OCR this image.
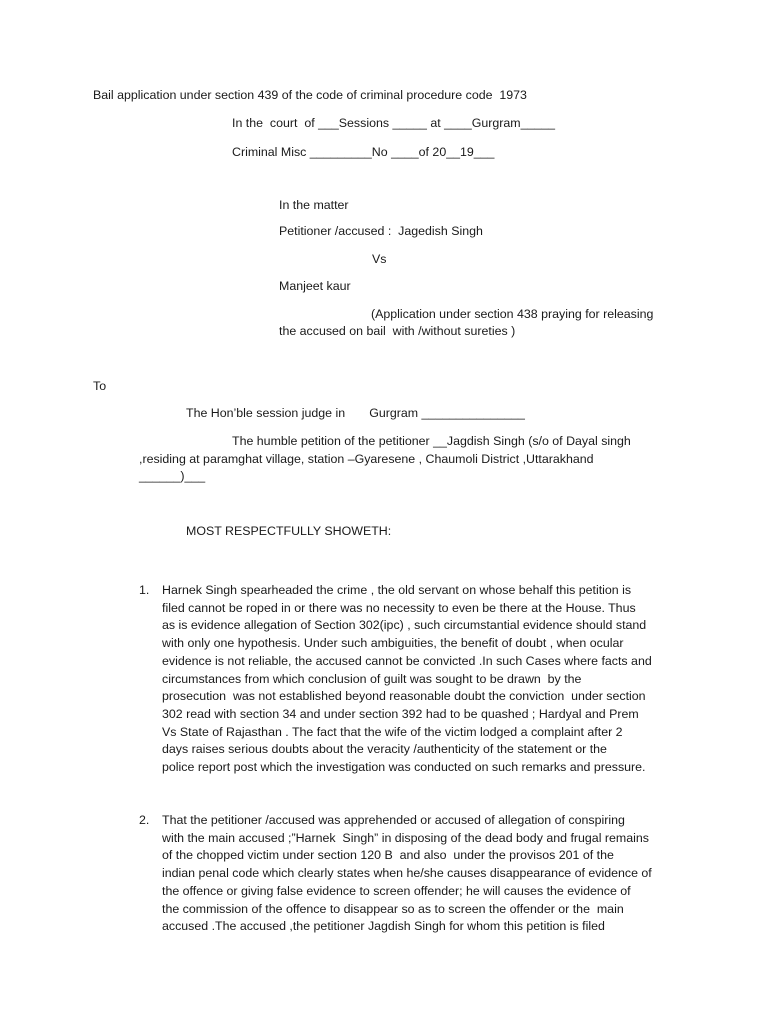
Bail application under section 439 of the code of criminal procedure code  1973

In the  court  of ___Sessions _____ at ____Gurgram_____

Criminal Misc _________No ____of 20__19___

In the matter

Petitioner /accused :  Jagedish Singh

Vs

Manjeet kaur

(Application under section 438 praying for releasing

the accused on bail  with /without sureties )

To

The Hon’ble session judge in       Gurgram _______________

The humble petition of the petitioner __Jagdish Singh (s/o of Dayal singh

,residing at paramghat village, station –Gyaresene , Chaumoli District ,Uttarakhand

______)___

MOST RESPECTFULLY SHOWETH:

1. Harnek Singh spearheaded the crime , the old servant on whose behalf this petition is
filed cannot be roped in or there was no necessity to even be there at the House. Thus
as is evidence allegation of Section 302(ipc) , such circumstantial evidence should stand
with only one hypothesis. Under such ambiguities, the benefit of doubt , when ocular
evidence is not reliable, the accused cannot be convicted .In such Cases where facts and
circumstances from which conclusion of guilt was sought to be drawn  by the
prosecution  was not established beyond reasonable doubt the conviction  under section
302 read with section 34 and under section 392 had to be quashed ; Hardyal and Prem
Vs State of Rajasthan . The fact that the wife of the victim lodged a complaint after 2
days raises serious doubts about the veracity /authenticity of the statement or the
police report post which the investigation was conducted on such remarks and pressure.
2. That the petitioner /accused was apprehended or accused of allegation of conspiring
with the main accused ;”Harnek  Singh” in disposing of the dead body and frugal remains
of the chopped victim under section 120 B  and also  under the provisos 201 of the
indian penal code which clearly states when he/she causes disappearance of evidence of
the offence or giving false evidence to screen offender; he will causes the evidence of
the commission of the offence to disappear so as to screen the offender or the  main
accused .The accused ,the petitioner Jagdish Singh for whom this petition is filed
